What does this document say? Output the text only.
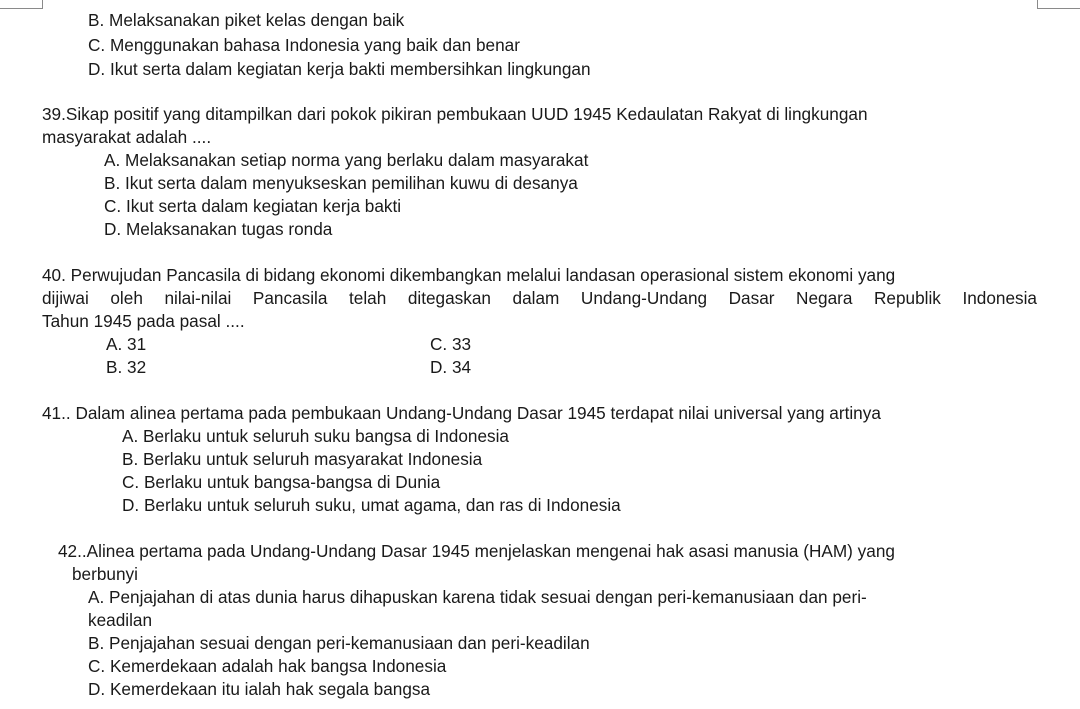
B. Melaksanakan piket kelas dengan baik
C. Menggunakan bahasa Indonesia yang baik dan benar
D. Ikut serta dalam kegiatan kerja bakti membersihkan lingkungan
39.Sikap positif yang ditampilkan dari pokok pikiran pembukaan UUD 1945 Kedaulatan Rakyat di lingkungan
masyarakat adalah ....
A. Melaksanakan setiap norma yang berlaku dalam masyarakat
B. Ikut serta dalam menyukseskan pemilihan kuwu di desanya
C. Ikut serta dalam kegiatan kerja bakti
D. Melaksanakan tugas ronda
40. Perwujudan Pancasila di bidang ekonomi dikembangkan melalui landasan operasional sistem ekonomi yang
dijiwai oleh nilai-nilai Pancasila telah ditegaskan dalam Undang-Undang Dasar Negara Republik Indonesia
Tahun 1945 pada pasal ....
A. 31
B. 32
C. 33
D. 34
41.. Dalam alinea pertama pada pembukaan Undang-Undang Dasar 1945 terdapat nilai universal yang artinya
A. Berlaku untuk seluruh suku bangsa di Indonesia
B. Berlaku untuk seluruh masyarakat Indonesia
C. Berlaku untuk bangsa-bangsa di Dunia
D. Berlaku untuk seluruh suku, umat agama, dan ras di Indonesia
42..Alinea pertama pada Undang-Undang Dasar 1945 menjelaskan mengenai hak asasi manusia (HAM) yang
berbunyi
A. Penjajahan di atas dunia harus dihapuskan karena tidak sesuai dengan peri-kemanusiaan dan peri-
keadilan
B. Penjajahan sesuai dengan peri-kemanusiaan dan peri-keadilan
C. Kemerdekaan adalah hak bangsa Indonesia
D. Kemerdekaan itu ialah hak segala bangsa
